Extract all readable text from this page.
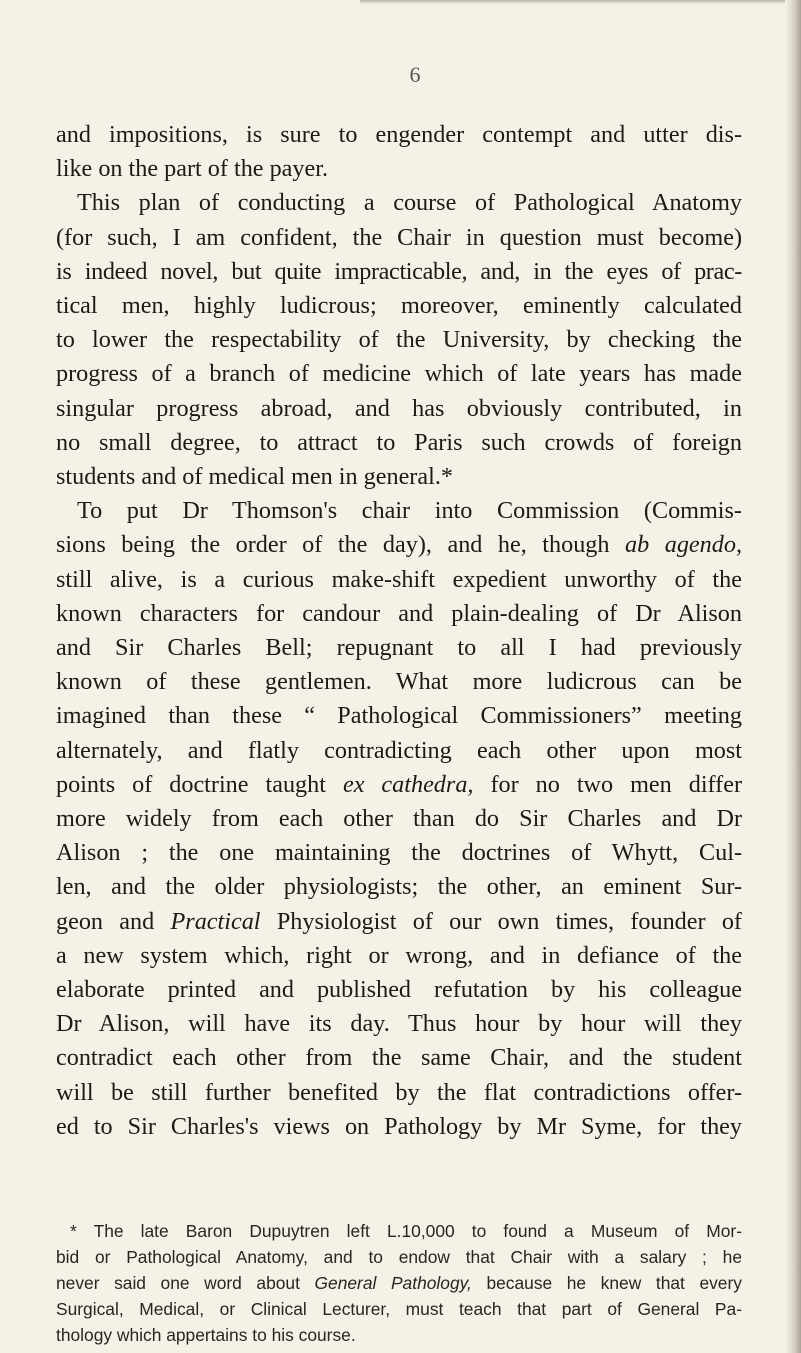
6
and impositions, is sure to engender contempt and utter dis-
like on the part of the payer.
This plan of conducting a course of Pathological Anatomy
(for such, I am confident, the Chair in question must become)
is indeed novel, but quite impracticable, and, in the eyes of prac-
tical men, highly ludicrous; moreover, eminently calculated
to lower the respectability of the University, by checking the
progress of a branch of medicine which of late years has made
singular progress abroad, and has obviously contributed, in
no small degree, to attract to Paris such crowds of foreign
students and of medical men in general.*
To put Dr Thomson's chair into Commission (Commis-
sions being the order of the day), and he, though ab agendo,
still alive, is a curious make-shift expedient unworthy of the
known characters for candour and plain-dealing of Dr Alison
and Sir Charles Bell; repugnant to all I had previously
known of these gentlemen. What more ludicrous can be
imagined than these “ Pathological Commissioners” meeting
alternately, and flatly contradicting each other upon most
points of doctrine taught ex cathedra, for no two men differ
more widely from each other than do Sir Charles and Dr
Alison ; the one maintaining the doctrines of Whytt, Cul-
len, and the older physiologists; the other, an eminent Sur-
geon and Practical Physiologist of our own times, founder of
a new system which, right or wrong, and in defiance of the
elaborate printed and published refutation by his colleague
Dr Alison, will have its day. Thus hour by hour will they
contradict each other from the same Chair, and the student
will be still further benefited by the flat contradictions offer-
ed to Sir Charles's views on Pathology by Mr Syme, for they
* The late Baron Dupuytren left L.10,000 to found a Museum of Mor-
bid or Pathological Anatomy, and to endow that Chair with a salary ; he
never said one word about General Pathology, because he knew that every
Surgical, Medical, or Clinical Lecturer, must teach that part of General Pa-
thology which appertains to his course.
